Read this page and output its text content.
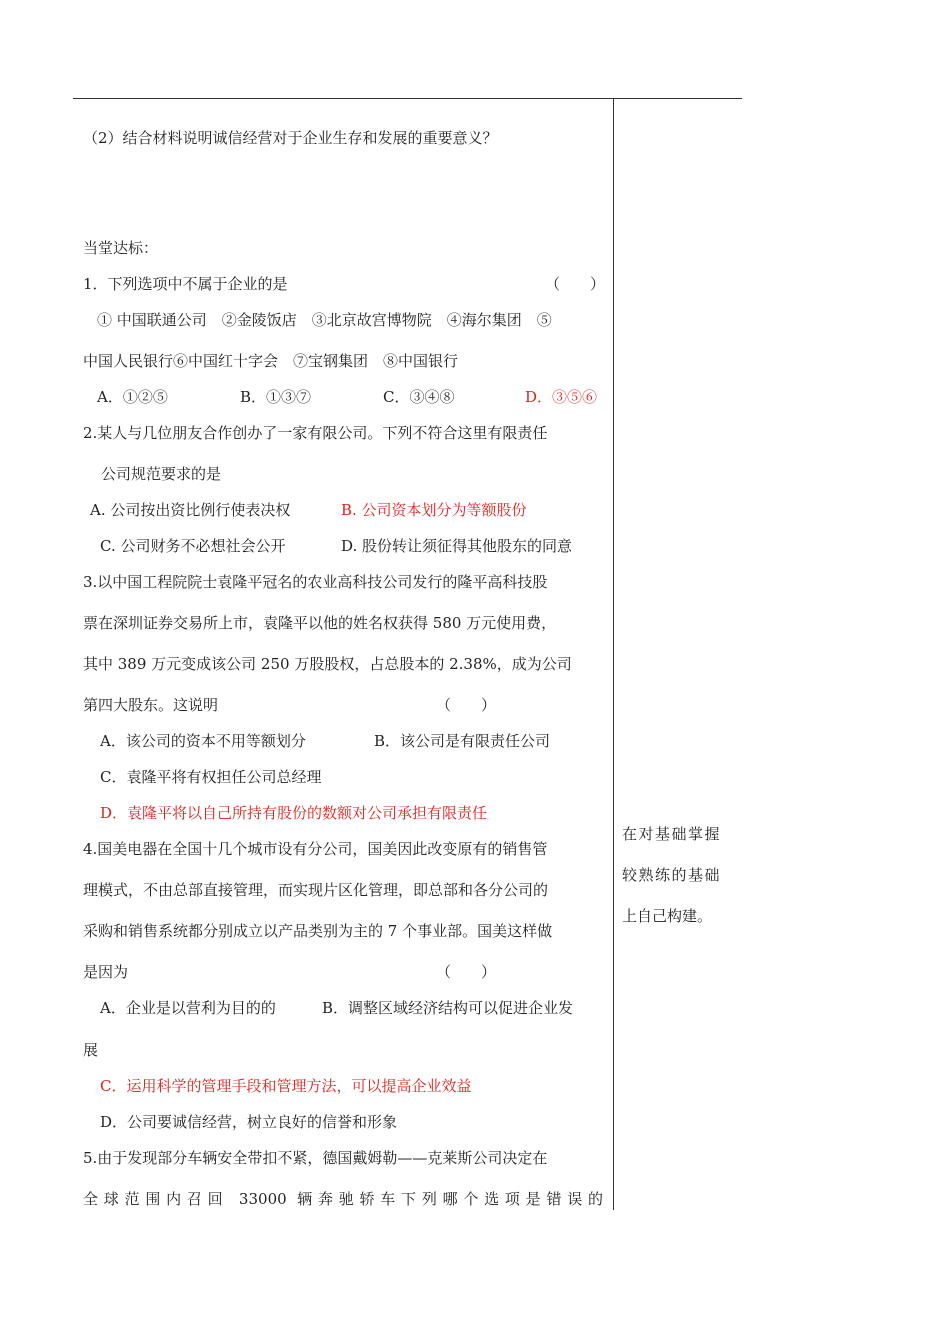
（2）结合材料说明诚信经营对于企业生存和发展的重要意义？
当堂达标：
1．下列选项中不属于企业的是	（　　）
① 中国联通公司　②金陵饭店　③北京故宫博物院　④海尔集团　⑤
中国人民银行⑥中国红十字会　⑦宝钢集团　⑧中国银行
A．①②⑤	B．①③⑦	C．③④⑧	D．③⑤⑥
2.某人与几位朋友合作创办了一家有限公司。下列不符合这里有限责任
公司规范要求的是
A. 公司按出资比例行使表决权	B. 公司资本划分为等额股份
C. 公司财务不必想社会公开	D. 股份转让须征得其他股东的同意
3.以中国工程院院士袁隆平冠名的农业高科技公司发行的隆平高科技股
票在深圳证券交易所上市，袁隆平以他的姓名权获得 580 万元使用费，
其中 389 万元变成该公司 250 万股股权，占总股本的 2.38%，成为公司
第四大股东。这说明	（　　）
A．该公司的资本不用等额划分	B．该公司是有限责任公司
C．袁隆平将有权担任公司总经理
D．袁隆平将以自己所持有股份的数额对公司承担有限责任
4.国美电器在全国十几个城市设有分公司，国美因此改变原有的销售管
理模式，不由总部直接管理，而实现片区化管理，即总部和各分公司的
采购和销售系统都分别成立以产品类别为主的 7 个事业部。国美这样做
是因为	（　　）
A．企业是以营利为目的的	B．调整区域经济结构可以促进企业发
展
C．运用科学的管理手段和管理方法，可以提高企业效益
D．公司要诚信经营，树立良好的信誉和形象
5.由于发现部分车辆安全带扣不紧，德国戴姆勒——克莱斯公司决定在
全球范围内召回 33000 辆奔驰轿车下列哪个选项是错误的
在对基础掌握
较熟练的基础
上自己构建。
